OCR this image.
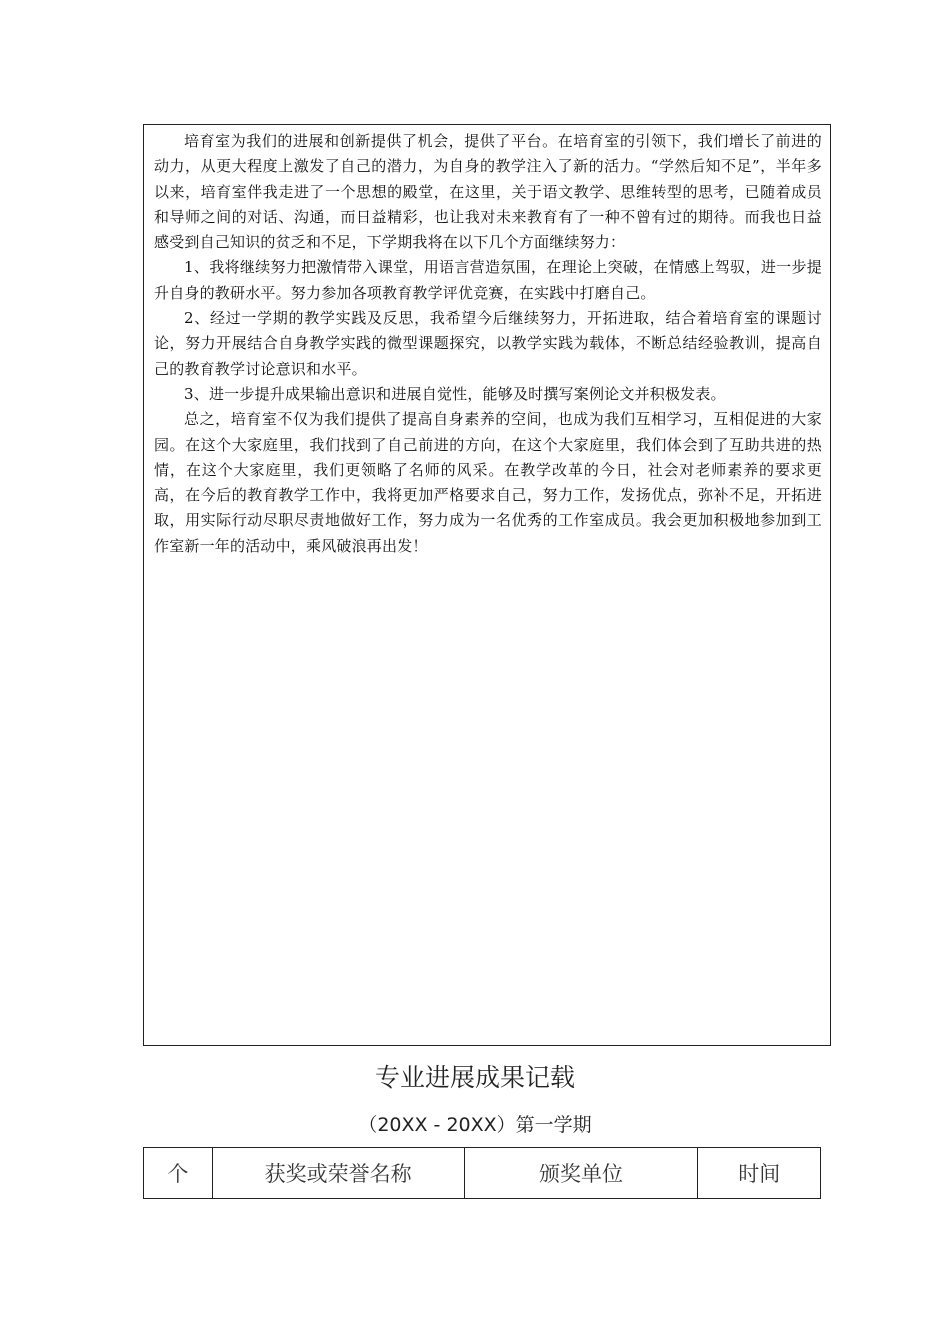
培育室为我们的进展和创新提供了机会，提供了平台。在培育室的引领下，我们增长了前进的动力，从更大程度上激发了自己的潜力，为自身的教学注入了新的活力。“学然后知不足”，半年多以来，培育室伴我走进了一个思想的殿堂，在这里，关于语文教学、思维转型的思考，已随着成员和导师之间的对话、沟通，而日益精彩，也让我对未来教育有了一种不曾有过的期待。而我也日益感受到自己知识的贫乏和不足，下学期我将在以下几个方面继续努力：

1、我将继续努力把激情带入课堂，用语言营造氛围，在理论上突破，在情感上驾驭，进一步提升自身的教研水平。努力参加各项教育教学评优竞赛，在实践中打磨自己。

2、经过一学期的教学实践及反思，我希望今后继续努力，开拓进取，结合着培育室的课题讨论，努力开展结合自身教学实践的微型课题探究，以教学实践为载体，不断总结经验教训，提高自己的教育教学讨论意识和水平。

3、进一步提升成果输出意识和进展自觉性，能够及时撰写案例论文并积极发表。

总之，培育室不仅为我们提供了提高自身素养的空间，也成为我们互相学习，互相促进的大家园。在这个大家庭里，我们找到了自己前进的方向，在这个大家庭里，我们体会到了互助共进的热情，在这个大家庭里，我们更领略了名师的风采。在教学改革的今日，社会对老师素养的要求更高，在今后的教育教学工作中，我将更加严格要求自己，努力工作，发扬优点，弥补不足，开拓进取，用实际行动尽职尽责地做好工作，努力成为一名优秀的工作室成员。我会更加积极地参加到工作室新一年的活动中，乘风破浪再出发！

专业进展成果记载
（20XX - 20XX）第一学期
个	获奖或荣誉名称	颁奖单位	时间
